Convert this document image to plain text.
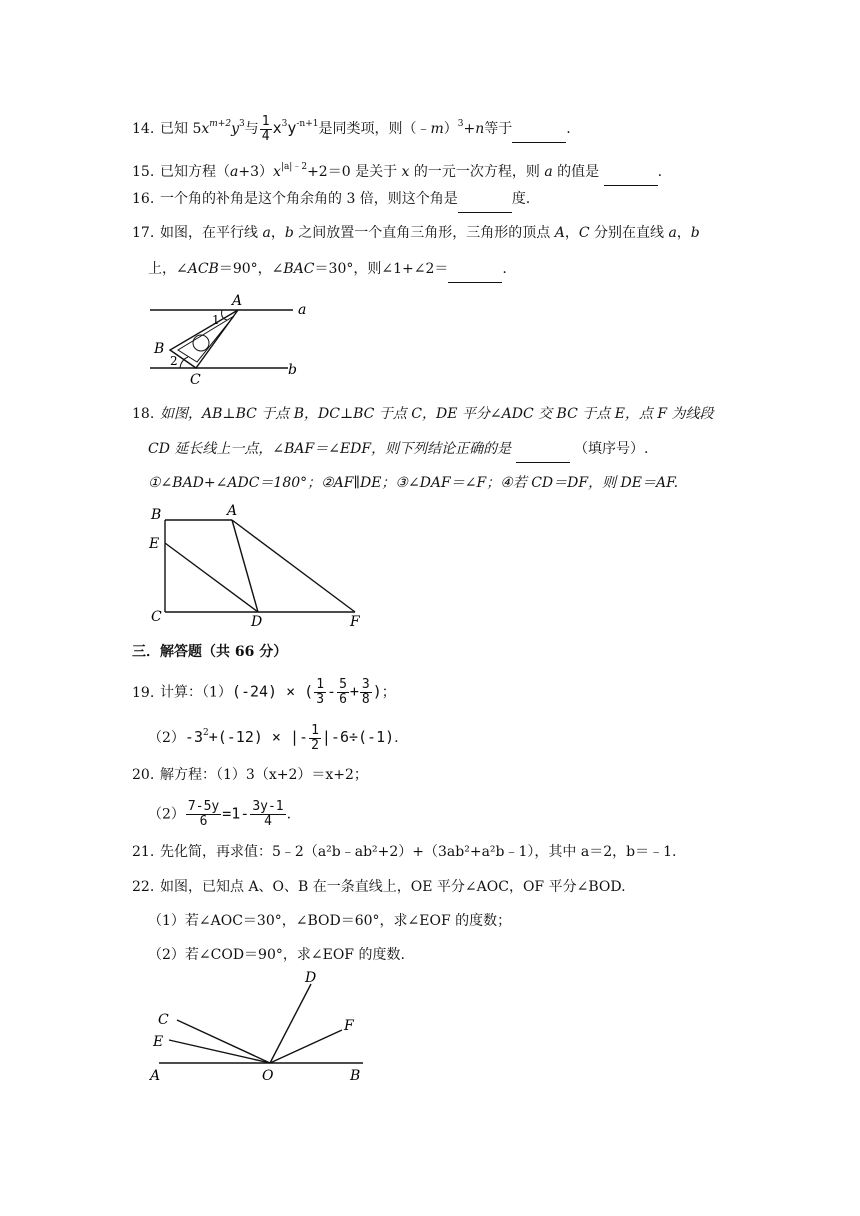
14. 已知 $5x^{m+2}y^3$与 $\frac{1}{4} x^3y^{-n+1}$是同类项，则（﹣m）$^3$+n等于	.
15. 已知方程$(a+3)x^{|a|﹣2}+2=0$ 是关于 x 的一元一次方程，则 a 的值是	.
16. 一个角的补角是这个角余角的 3 倍，则这个角是	度.
17. 如图，在平行线 a，b 之间放置一个直角三角形，三角形的顶点 A，C 分别在直线 a，b
上，∠ACB＝90°，∠BAC＝30°，则∠1+∠2＝	.
A
a
1
B
2
C
b
18. 如图，AB⊥BC 于点 B，DC⊥BC 于点 C，DE 平分∠ADC 交 BC 于点 E，点 F 为线段
CD 延长线上一点，∠BAF＝∠EDF，则下列结论正确的是	（填序号）.
①∠BAD+∠ADC＝180°；②AF∥DE；③∠DAF＝∠F；④若 CD＝DF，则 DE＝AF.
B	A
E
C	D	F
三．解答题（共 66 分）
19. 计算：（1）(-24) × ( $\frac{1}{3} - \frac{5}{6} + \frac{3}{8}$ )；
$(2)-3^2+(-12)$ × |- $\frac{1}{2} |-6\div(-1)$.
20. 解方程：（1）3（x+2）＝x+2；
$(2) \frac{7-5y}{6} =1- \frac{3y-1}{4}$ .
21. 先化简，再求值：5﹣2（a²b﹣ab²+2）+（3ab²+a²b﹣1），其中 a＝2，b＝﹣1.
22. 如图，已知点 A、O、B 在一条直线上，OE 平分∠AOC，OF 平分∠BOD.
（1）若∠AOC＝30°，∠BOD＝60°，求∠EOF 的度数；
（2）若∠COD＝90°，求∠EOF 的度数.
D
C	F
E
A	O	B
